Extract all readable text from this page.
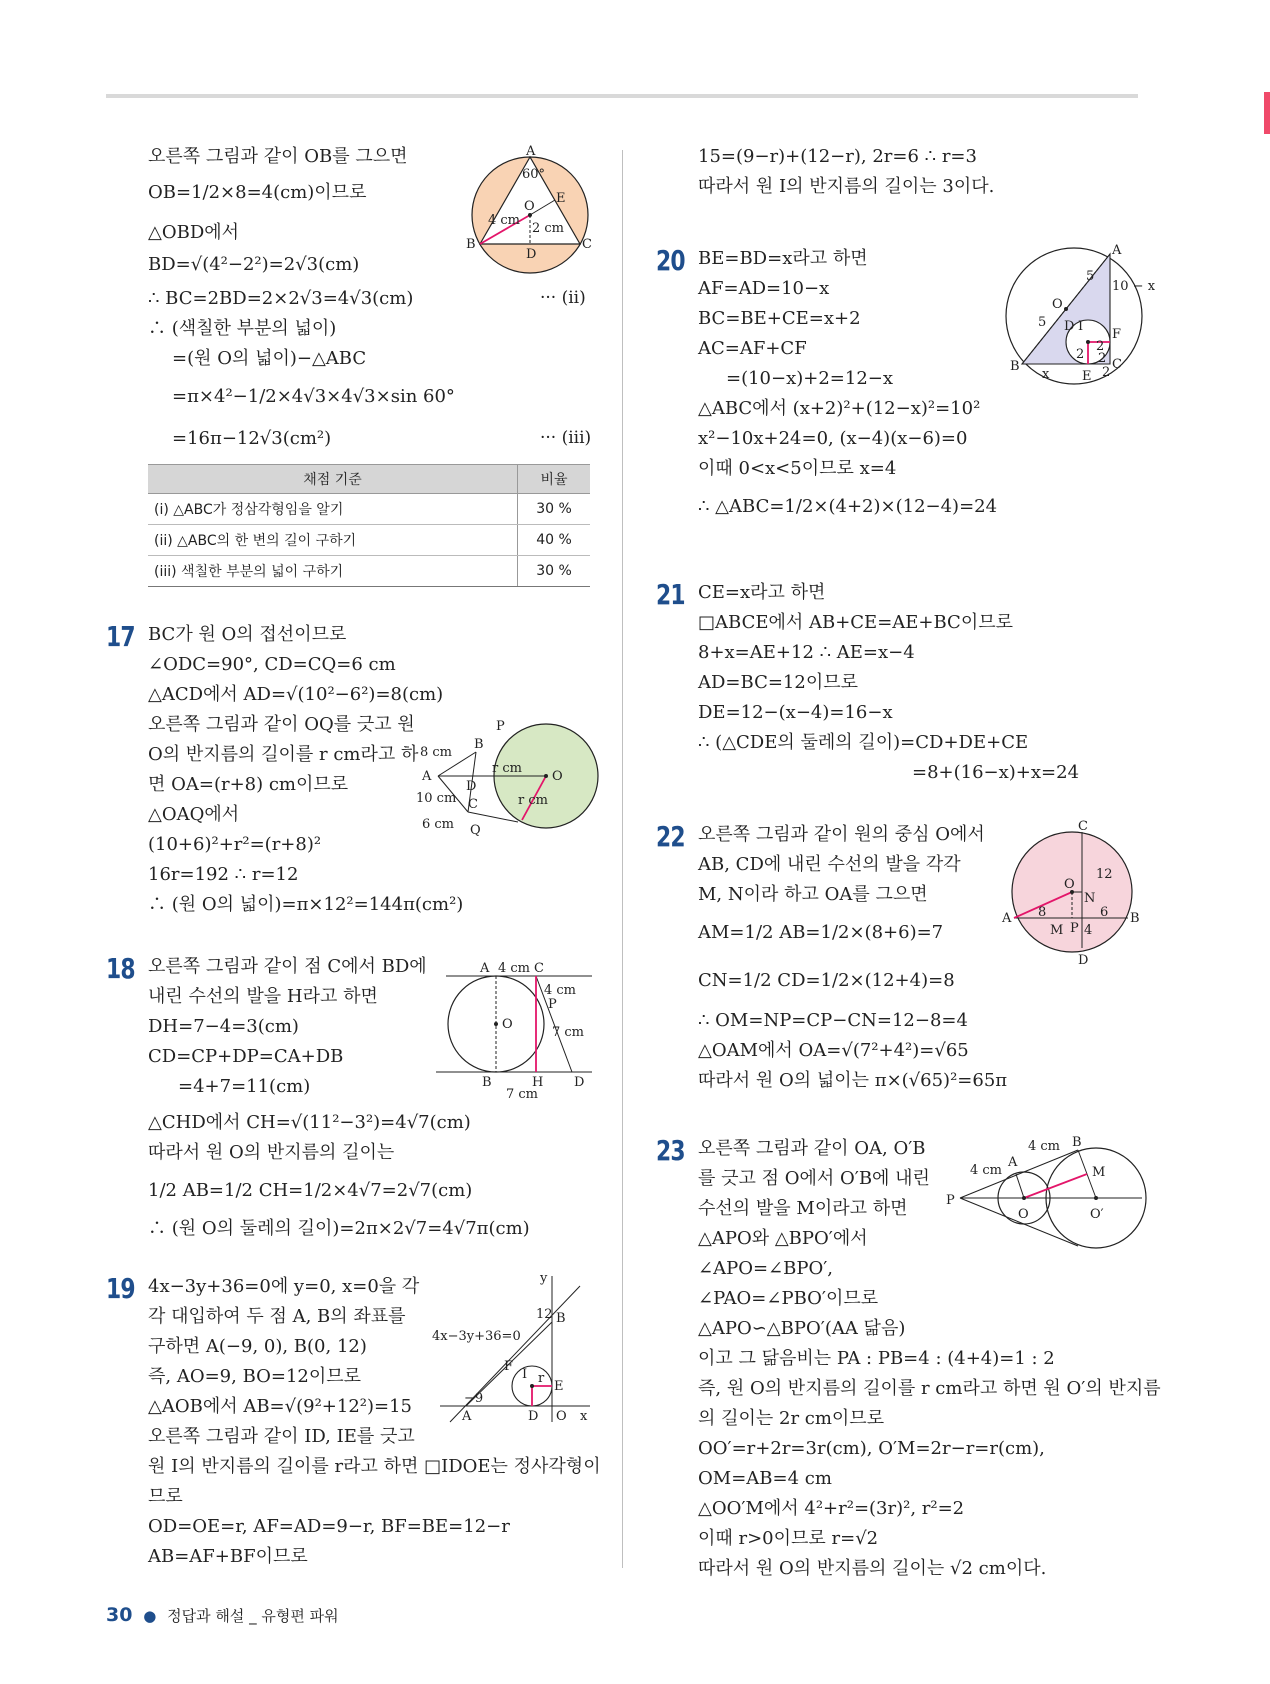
오른쪽 그림과 같이 OB를 그으면
OB=1/2×8=4(cm)이므로
△OBD에서
BD=√(4²−2²)=2√3(cm)
∴ BC=2BD=2×2√3=4√3(cm)	··· (ii)
∴ (색칠한 부분의 넓이)
=(원 O의 넓이)−△ABC
=π×4²−1/2×4√3×4√3×sin 60°
=16π−12√3(cm²)	··· (iii)
A
60°
O
E
4 cm
2 cm
B
D
C
채점 기준	비율
(i) △ABC가 정삼각형임을 알기	30 %
(ii) △ABC의 한 변의 길이 구하기	40 %
(iii) 색칠한 부분의 넓이 구하기	30 %
17 BC가 원 O의 접선이므로
∠ODC=90°, CD=CQ=6 cm
△ACD에서 AD=√(10²−6²)=8(cm)
오른쪽 그림과 같이 OQ를 긋고 원
O의 반지름의 길이를 r cm라고 하
면 OA=(r+8) cm이므로
△OAQ에서
(10+6)²+r²=(r+8)²
16r=192 ∴ r=12
∴ (원 O의 넓이)=π×12²=144π(cm²)
P
B
8 cm
A
D
r cm
O
10 cm C	r cm
6 cm Q
18 오른쪽 그림과 같이 점 C에서 BD에
내린 수선의 발을 H라고 하면
DH=7−4=3(cm)
CD=CP+DP=CA+DB
=4+7=11(cm)
△CHD에서 CH=√(11²−3²)=4√7(cm)
따라서 원 O의 반지름의 길이는
1/2 AB=1/2 CH=1/2×4√7=2√7(cm)
∴ (원 O의 둘레의 길이)=2π×2√7=4√7π(cm)
A 4 cm C
4 cm
P
O
7 cm
B	H D
7 cm
19 4x−3y+36=0에 y=0, x=0을 각
각 대입하여 두 점 A, B의 좌표를
구하면 A(−9, 0), B(0, 12)
즉, AO=9, BO=12이므로
△AOB에서 AB=√(9²+12²)=15
오른쪽 그림과 같이 ID, IE를 긋고
원 I의 반지름의 길이를 r라고 하면 □IDOE는 정사각형이
므로
OD=OE=r, AF=AD=9−r, BF=BE=12−r
AB=AF+BF이므로
y
12 B
4x−3y+36=0
F
I r
E
−9
A	D O x
15=(9−r)+(12−r), 2r=6 ∴ r=3
따라서 원 I의 반지름의 길이는 3이다.
20 BE=BD=x라고 하면
AF=AD=10−x
BC=BE+CE=x+2
AC=AF+CF
=(10−x)+2=12−x
△ABC에서 (x+2)²+(12−x)²=10²
x²−10x+24=0, (x−4)(x−6)=0
이때 0<x<5이므로 x=4
∴ △ABC=1/2×(4+2)×(12−4)=24
A
5
O
10 − x
5 D I
F
2
2 2
B
x	E 2
C
21 CE=x라고 하면
□ABCE에서 AB+CE=AE+BC이므로
8+x=AE+12 ∴ AE=x−4
AD=BC=12이므로
DE=12−(x−4)=16−x
∴ (△CDE의 둘레의 길이)=CD+DE+CE
=8+(16−x)+x=24
22 오른쪽 그림과 같이 원의 중심 O에서
AB, CD에 내린 수선의 발을 각각
M, N이라 하고 OA를 그으면
AM=1/2 AB=1/2×(8+6)=7
CN=1/2 CD=1/2×(12+4)=8
∴ OM=NP=CP−CN=12−8=4
△OAM에서 OA=√(7²+4²)=√65
따라서 원 O의 넓이는 π×(√65)²=65π
C
O
12
N
A 8	6 B
M P 4
D
23 오른쪽 그림과 같이 OA, O′B
를 긋고 점 O에서 O′B에 내린
수선의 발을 M이라고 하면
△APO와 △BPO′에서
∠APO=∠BPO′,
∠PAO=∠PBO′이므로
△APO∽△BPO′(AA 닮음)
이고 그 닮음비는 PA : PB=4 : (4+4)=1 : 2
즉, 원 O의 반지름의 길이를 r cm라고 하면 원 O′의 반지름
의 길이는 2r cm이므로
OO′=r+2r=3r(cm), O′M=2r−r=r(cm),
OM=AB=4 cm
△OO′M에서 4²+r²=(3r)², r²=2
이때 r>0이므로 r=√2
따라서 원 O의 반지름의 길이는 √2 cm이다.
4 cm B
A
4 cm	M
P
O	O′
30 ● 정답과 해설 _ 유형편 파워
